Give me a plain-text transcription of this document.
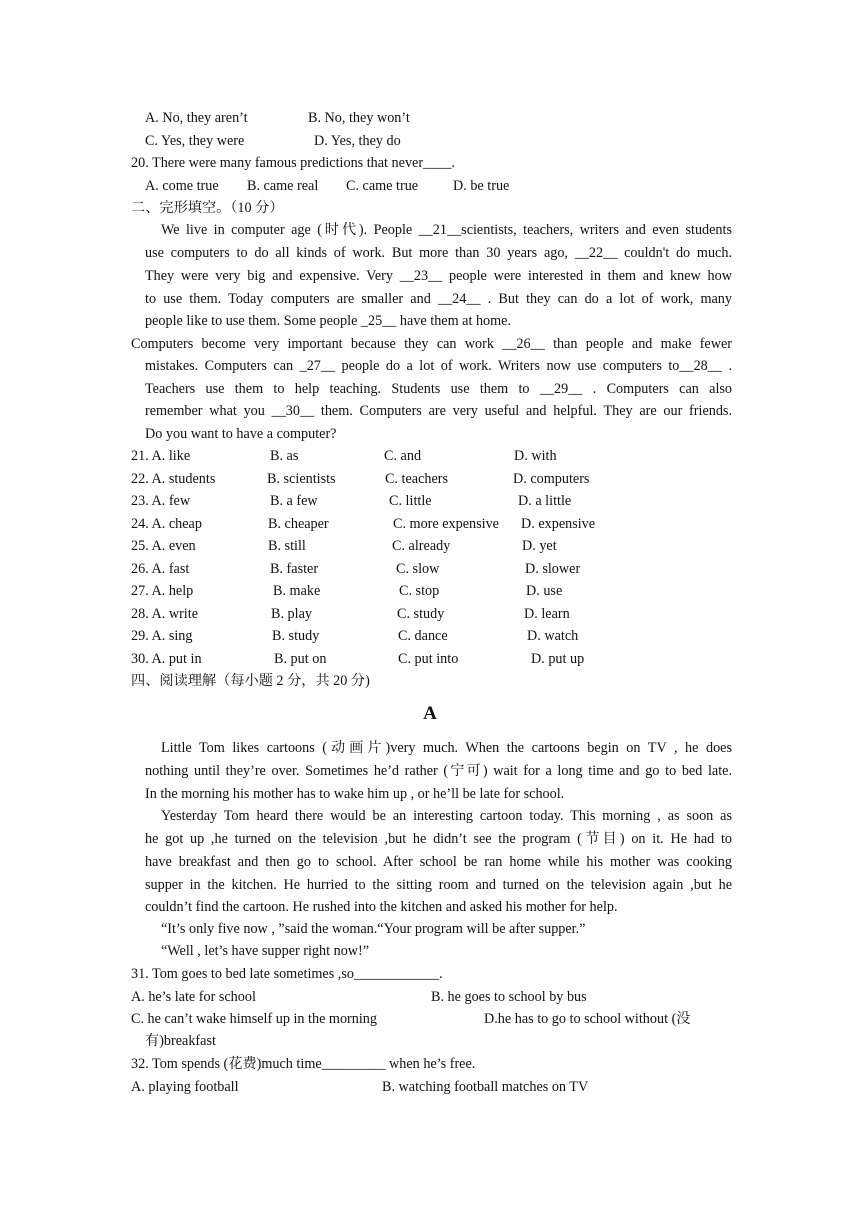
A. No, they aren’t	B. No, they won’t
C. Yes, they were	D. Yes, they do
20. There were many famous predictions that never____.
A. come true B. came real C. came true D. be true
二、完形填空。（10 分）
We live in computer age (时代). People __21__scientists, teachers, writers and even students
use computers to do all kinds of work. But more than 30 years ago, __22__ couldn't do much.
They were very big and expensive. Very __23__ people were interested in them and knew how
to use them. Today computers are smaller and __24__ . But they can do a lot of work, many
people like to use them. Some people _25__ have them at home.
Computers become very important because they can work __26__ than people and make fewer
mistakes. Computers can _27__ people do a lot of work. Writers now use computers to__28__ .
Teachers use them to help teaching. Students use them to __29__ . Computers can also
remember what you __30__ them. Computers are very useful and helpful. They are our friends.
Do you want to have a computer?
21. A. like	B. as	C. and	D. with
22. A. students	B. scientists	C. teachers	D. computers
23. A. few	B. a few	C. little	D. a little
24. A. cheap	B. cheaper	C. more expensive D. expensive
25. A. even	B. still	C. already	D. yet
26. A. fast	B. faster	C. slow	D. slower
27. A. help	B. make	C. stop	D. use
28. A. write	B. play	C. study	D. learn
29. A. sing	B. study	C. dance	D. watch
30. A. put in	B. put on	C. put into	D. put up
四、阅读理解（每小题 2 分，共 20 分)
A
Little Tom likes cartoons (动画片)very much. When the cartoons begin on TV , he does
nothing until they’re over. Sometimes he’d rather (宁可) wait for a long time and go to bed late.
In the morning his mother has to wake him up , or he’ll be late for school.
Yesterday Tom heard there would be an interesting cartoon today. This morning , as soon as
he got up ,he turned on the television ,but he didn’t see the program (节目) on it. He had to
have breakfast and then go to school. After school be ran home while his mother was cooking
supper in the kitchen. He hurried to the sitting room and turned on the television again ,but he
couldn’t find the cartoon. He rushed into the kitchen and asked his mother for help.
“It’s only five now , ”said the woman.“Your program will be after supper.”
“Well , let’s have supper right now!”
31. Tom goes to bed late sometimes ,so____________.
A. he’s late for school	B. he goes to school by bus
C. he can’t wake himself up in the morning	D.he has to go to school without (没
有)breakfast
32. Tom spends (花费)much time_________ when he’s free.
A. playing football	B. watching football matches on TV
